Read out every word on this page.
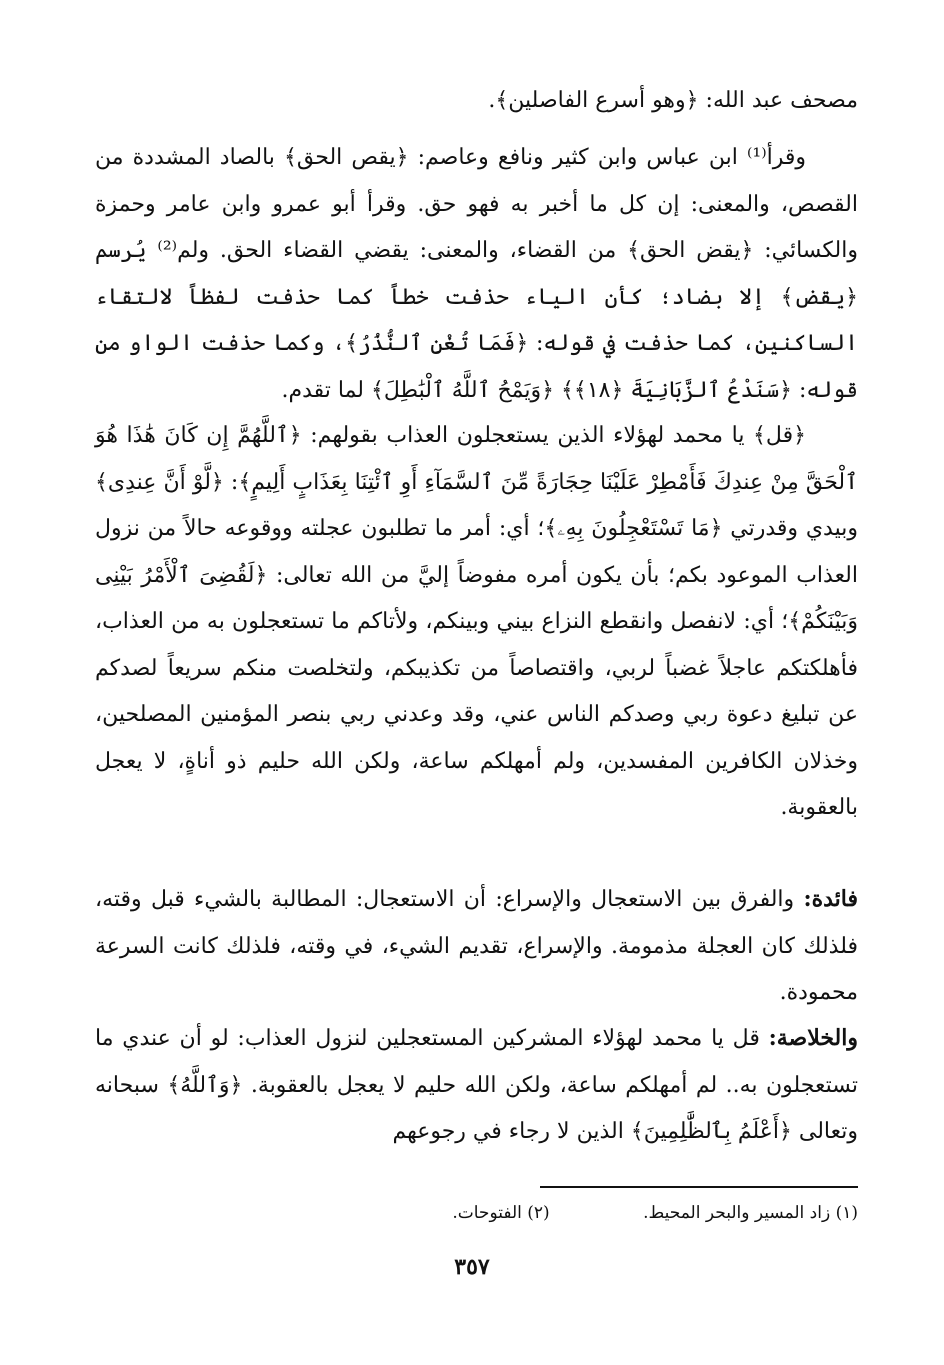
مصحف عبد الله: ﴿وهو أسرع الفاصلين﴾.

وقرأ⁽¹⁾ ابن عباس وابن كثير ونافع وعاصم: ﴿يقص الحق﴾ بالصاد المشددة من القصص، والمعنى: إن كل ما أخبر به فهو حق. وقرأ أبو عمرو وابن عامر وحمزة والكسائي: ﴿يقض الحق﴾ من القضاء، والمعنى: يقضي القضاء الحق. ولم⁽²⁾ يُرسم ﴿يقض﴾ إلا بضاد؛ كأن الياء حذفت خطاً كما حذفت لفظاً لالتقاء الساكنين، كما حذفت في قوله: ﴿فَمَا تُغْنِ ٱلنُّذُرُ﴾، وكما حذفت الواو من قوله: ﴿سَنَدْعُ ٱلزَّبَانِيَةَ ﴿١٨﴾﴾ ﴿وَيَمْحُ ٱللَّهُ ٱلْبَٰطِلَ﴾ لما تقدم.

﴿قل﴾ يا محمد لهؤلاء الذين يستعجلون العذاب بقولهم: ﴿ٱللَّهُمَّ إِن كَانَ هَٰذَا هُوَ ٱلْحَقَّ مِنْ عِندِكَ فَأَمْطِرْ عَلَيْنَا حِجَارَةً مِّنَ ٱلسَّمَآءِ أَوِ ٱئْتِنَا بِعَذَابٍ أَلِيمٍ﴾: ﴿لَّوْ أَنَّ عِندِى﴾ وبيدي وقدرتي ﴿مَا تَسْتَعْجِلُونَ بِهِۦ﴾؛ أي: أمر ما تطلبون عجلته ووقوعه حالاً من نزول العذاب الموعود بكم؛ بأن يكون أمره مفوضاً إليَّ من الله تعالى: ﴿لَقُضِىَ ٱلْأَمْرُ بَيْنِى وَبَيْنَكُمْ﴾؛ أي: لانفصل وانقطع النزاع بيني وبينكم، ولأتاكم ما تستعجلون به من العذاب، فأهلكتكم عاجلاً غضباً لربي، واقتصاصاً من تكذيبكم، ولتخلصت منكم سريعاً لصدكم عن تبليغ دعوة ربي وصدكم الناس عني، وقد وعدني ربي بنصر المؤمنين المصلحين، وخذلان الكافرين المفسدين، ولم أمهلكم ساعة، ولكن الله حليم ذو أناةٍ، لا يعجل بالعقوبة.

فائدة: والفرق بين الاستعجال والإسراع: أن الاستعجال: المطالبة بالشيء قبل وقته، فلذلك كان العجلة مذمومة. والإسراع، تقديم الشيء، في وقته، فلذلك كانت السرعة محمودة.

والخلاصة: قل يا محمد لهؤلاء المشركين المستعجلين لنزول العذاب: لو أن عندي ما تستعجلون به.. لم أمهلكم ساعة، ولكن الله حليم لا يعجل بالعقوبة. ﴿وَٱللَّهُ﴾ سبحانه وتعالى ﴿أَعْلَمُ بِٱلظَّٰلِمِينَ﴾ الذين لا رجاء في رجوعهم

(١) زاد المسير والبحر المحيط. (٢) الفتوحات.
٣٥٧
